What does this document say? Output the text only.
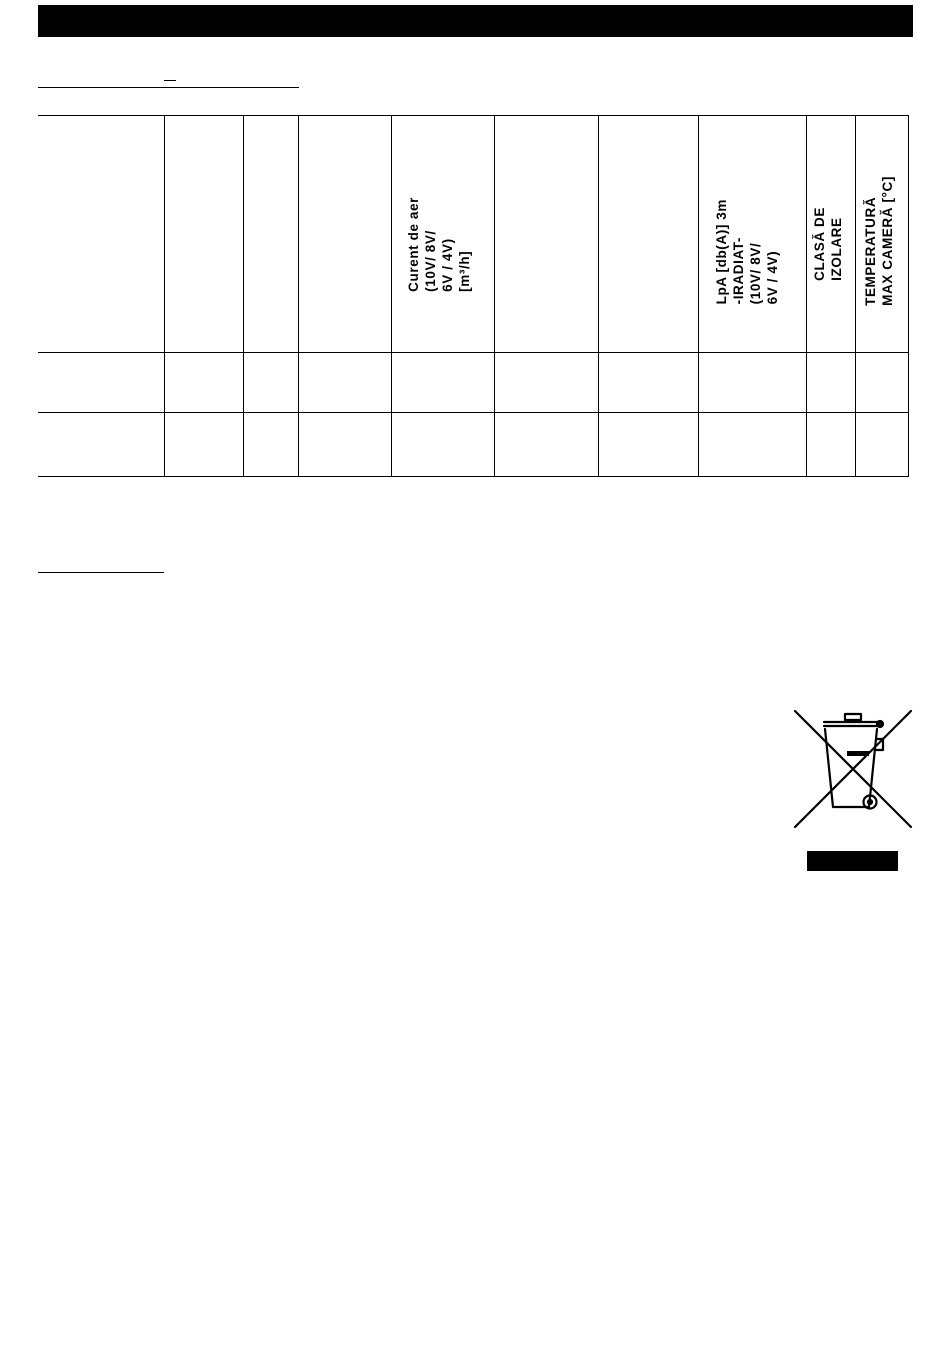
Curent de aer
(10V/ 8V/
6V / 4V)
[m³/h]	LpA [db(A)] 3m
-IRADIAT-
(10V/ 8V/
6V / 4V) CLASĂ DE
IZOLARE TEMPERATURĂ
MAX CAMERĂ [°C]
